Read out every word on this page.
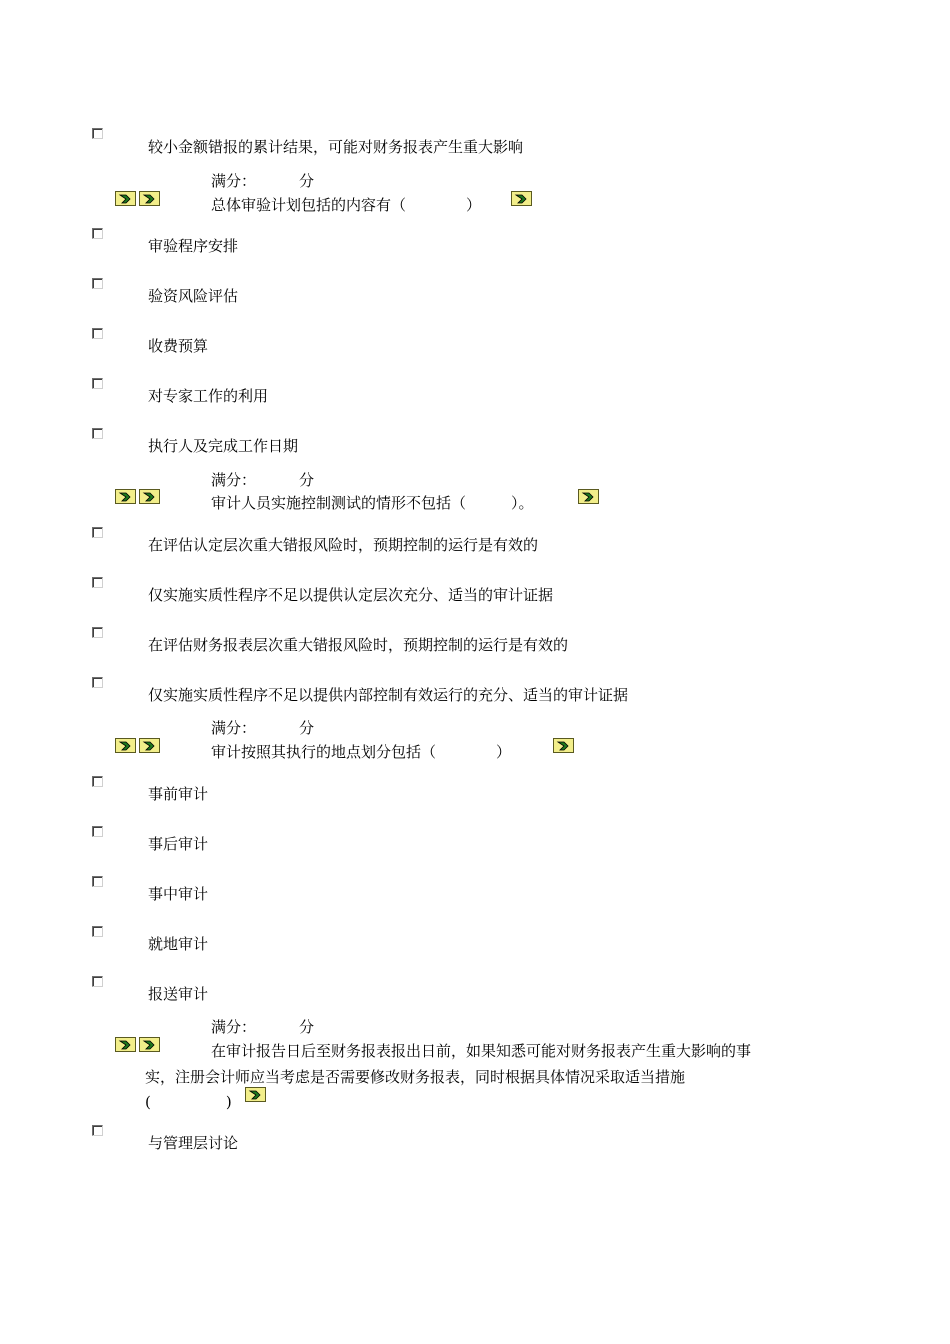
较小金额错报的累计结果，可能对财务报表产生重大影响
满分：	分
总体审验计划包括的内容有（　　　　）
审验程序安排
验资风险评估
收费预算
对专家工作的利用
执行人及完成工作日期
满分：	分
审计人员实施控制测试的情形不包括（　　　）。
在评估认定层次重大错报风险时，预期控制的运行是有效的
仅实施实质性程序不足以提供认定层次充分、适当的审计证据
在评估财务报表层次重大错报风险时，预期控制的运行是有效的
仅实施实质性程序不足以提供内部控制有效运行的充分、适当的审计证据
满分：	分
审计按照其执行的地点划分包括（　　　　）
事前审计
事后审计
事中审计
就地审计
报送审计
满分：	分
在审计报告日后至财务报表报出日前，如果知悉可能对财务报表产生重大影响的事
实，注册会计师应当考虑是否需要修改财务报表，同时根据具体情况采取适当措施
(　　　　　)
与管理层讨论
